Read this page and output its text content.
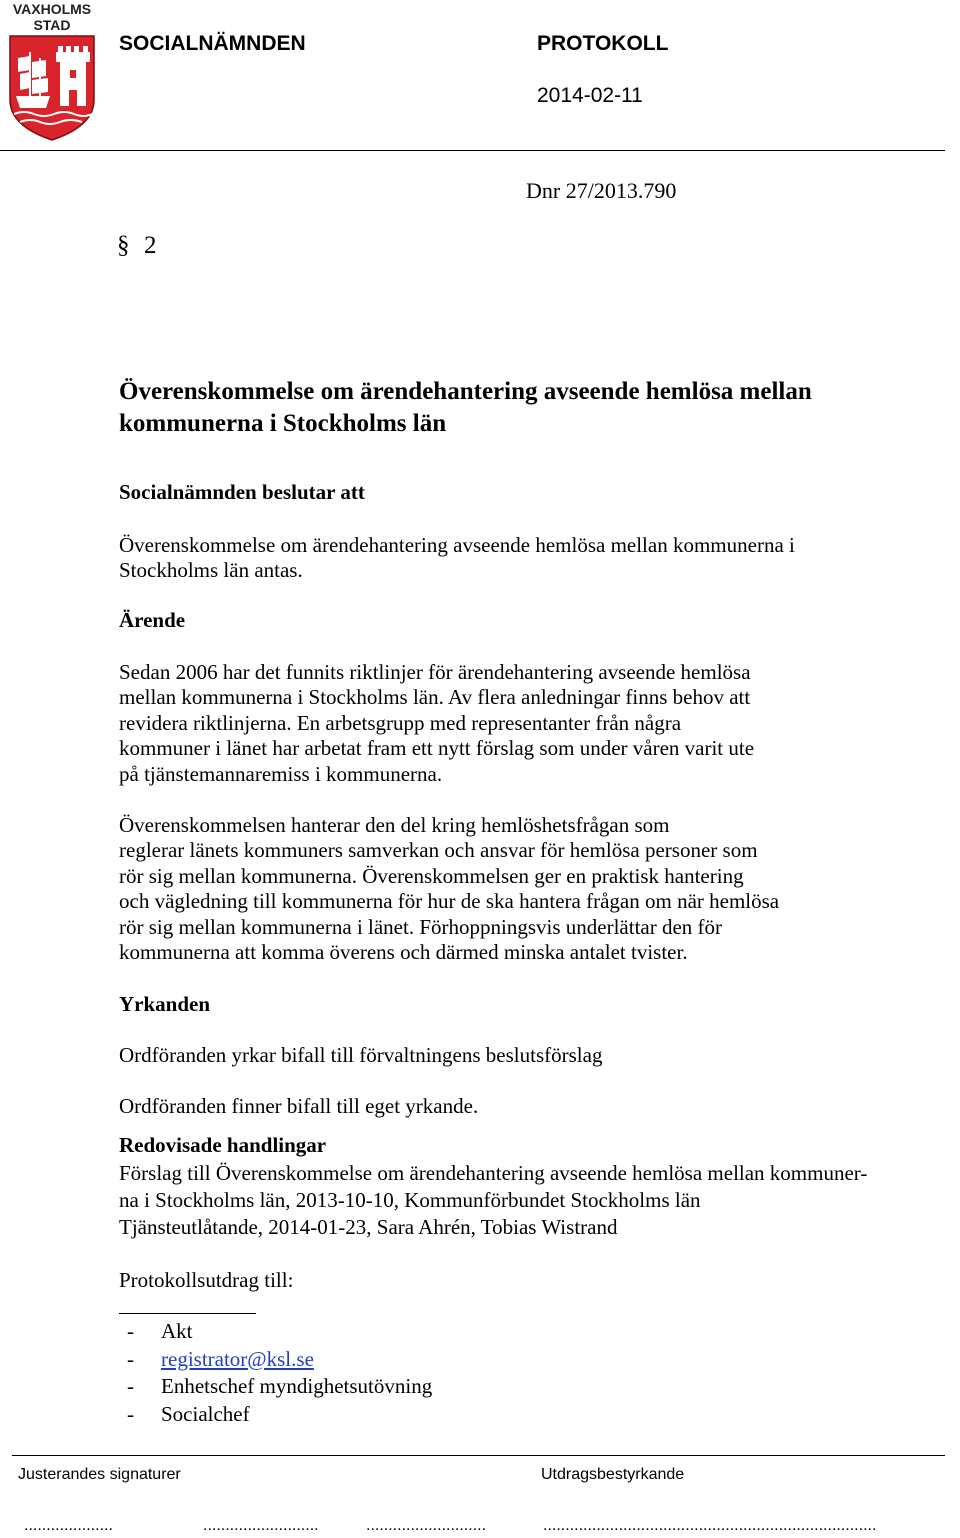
VAXHOLMS
STAD
SOCIALNÄMNDEN	PROTOKOLL
2014-02-11
Dnr 27/2013.790
§ 2
Överenskommelse om ärendehantering avseende hemlösa mellan kommunerna i Stockholms län
Socialnämnden beslutar att
Överenskommelse om ärendehantering avseende hemlösa mellan kommunerna i
Stockholms län antas.
Ärende
Sedan 2006 har det funnits riktlinjer för ärendehantering avseende hemlösa
mellan kommunerna i Stockholms län. Av flera anledningar finns behov att
revidera riktlinjerna. En arbetsgrupp med representanter från några
kommuner i länet har arbetat fram ett nytt förslag som under våren varit ute
på tjänstemannaremiss i kommunerna.
Överenskommelsen hanterar den del kring hemlöshetsfrågan som
reglerar länets kommuners samverkan och ansvar för hemlösa personer som
rör sig mellan kommunerna. Överenskommelsen ger en praktisk hantering
och vägledning till kommunerna för hur de ska hantera frågan om när hemlösa
rör sig mellan kommunerna i länet. Förhoppningsvis underlättar den för
kommunerna att komma överens och därmed minska antalet tvister.
Yrkanden
Ordföranden yrkar bifall till förvaltningens beslutsförslag
Ordföranden finner bifall till eget yrkande.
Redovisade handlingar
Förslag till Överenskommelse om ärendehantering avseende hemlösa mellan kommuner-
na i Stockholms län, 2013-10-10, Kommunförbundet Stockholms län
Tjänsteutlåtande, 2014-01-23, Sara Ahrén, Tobias Wistrand
Protokollsutdrag till:
-
-
-
-
Akt
registrator@ksl.se
Enhetschef myndighetsutövning
Socialchef
Justerandes signaturer	Utdragsbestyrkande
....................	..........................	...........................	...........................................................................
